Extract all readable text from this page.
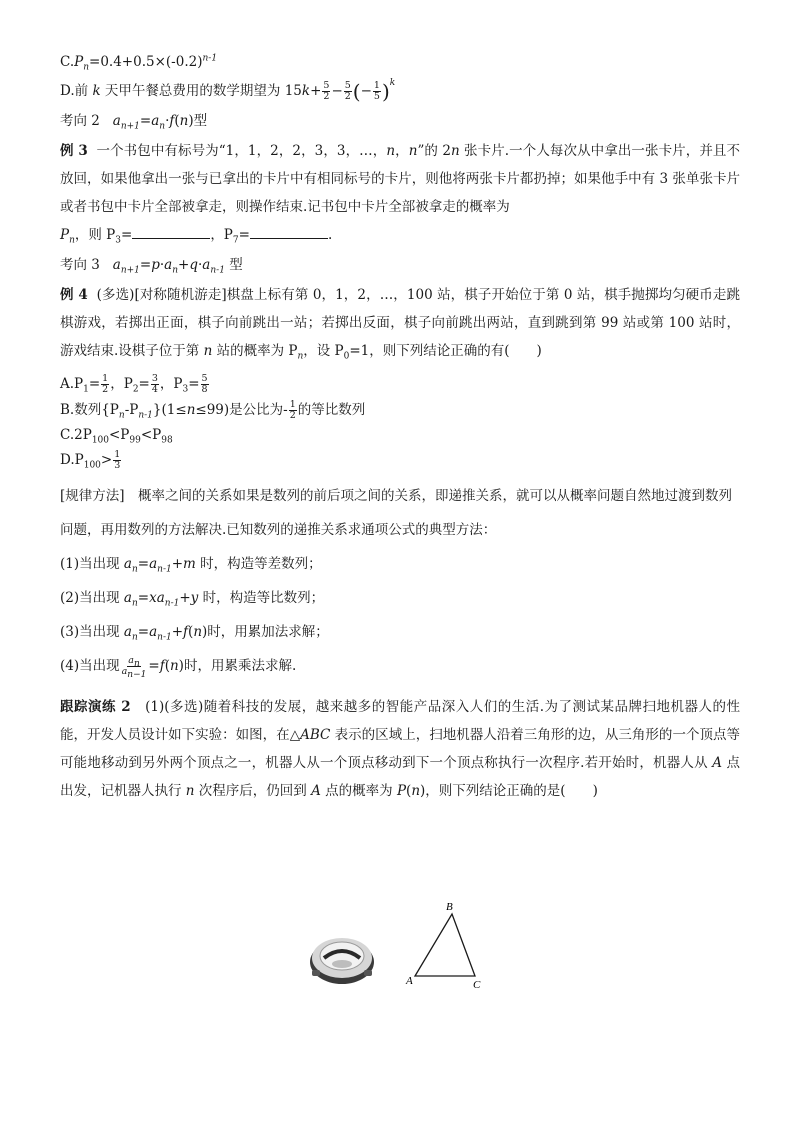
$C.P_n=0.4+0.5\times(-0.2)^{n-1}$
D.前 k 天甲午餐总费用的数学期望为 $15k+ \frac{5}{2} - \frac{5}{2}$ (− $\frac{1}{5} )^k$
考向 2 $a_{n+1}=a_n\cdot f(n)$型
例 3 一个书包中有标号为“1，1，2，2，3，3，…，n，n”的 2n 张卡片.一个人每次从中拿出一张卡片，并且不放回，如果他拿出一张与已拿出的卡片中有相同标号的卡片，则他将两张卡片都扔掉；如果他手中有 3 张单张卡片或者书包中卡片全部被拿走，则操作结束.记书包中卡片全部被拿走的概率为
$P_n$，则 $P_3=$	，$P_7=$	.
考向 3 $a_{n+1}=p\cdot a_n+q\cdot a_{n-1}$ 型
例 4 (多选)[对称随机游走]棋盘上标有第 0，1，2，…，100 站，棋子开始位于第 0 站，棋手抛掷均匀硬币走跳棋游戏，若掷出正面，棋子向前跳出一站；若掷出反面，棋子向前跳出两站，直到跳到第 99 站或第 100 站时，游戏结束.设棋子位于第 n 站的概率为 $P_n$，设 $P_0=1$，则下列结论正确的有(　　)
$A.P_1= \frac{1}{2}$ ，$P_2= \frac{3}{4}$ ，$P_3= \frac{5}{8}$
B.数列$\{P_n-P_{n-1}\}(1\le n\le 99)$是公比为- $\frac{1}{2}$ 的等比数列
$C.2P_{100}<P_{99}<P_{98}$
$D.P_{100}> \frac{1}{3}$
[规律方法]　概率之间的关系如果是数列的前后项之间的关系，即递推关系，就可以从概率问题自然地过渡到数列问题，再用数列的方法解决.已知数列的递推关系求通项公式的典型方法：
(1)当出现 $a_n=a_{n-1}+m$ 时，构造等差数列；
(2)当出现 $a_n=xa_{n-1}+y$ 时，构造等比数列；
(3)当出现 $a_n=a_{n-1}+f(n)$时，用累加法求解；
(4)当出现 $\frac{a_n}{a_{n-1}} =f(n)$时，用累乘法求解.
跟踪演练 2　(1)(多选)随着科技的发展，越来越多的智能产品深入人们的生活.为了测试某品牌扫地机器人的性能，开发人员设计如下实验：如图，在△ABC 表示的区域上，扫地机器人沿着三角形的边，从三角形的一个顶点等可能地移动到另外两个顶点之一，机器人从一个顶点移动到下一个顶点称执行一次程序.若开始时，机器人从 A 点出发，记机器人执行 n 次程序后，仍回到 A 点的概率为 P(n)，则下列结论正确的是(　　)
A
B
C
